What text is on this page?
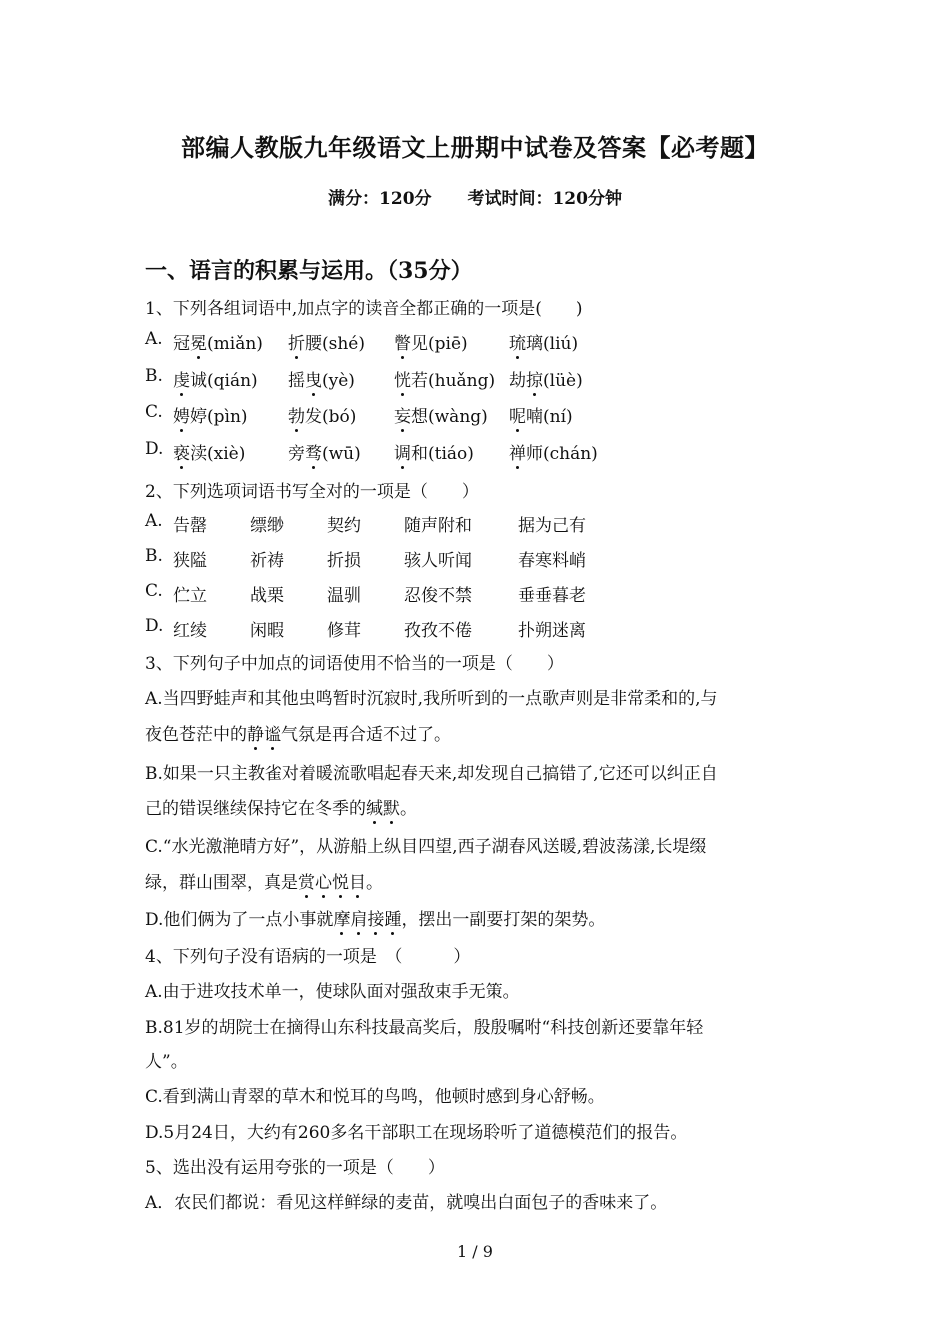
部编人教版九年级语文上册期中试卷及答案【必考题】
满分：120分 考试时间：120分钟
一、语言的积累与运用。（35分）
1、下列各组词语中,加点字的读音全都正确的一项是(　　)
A. 冠冕(miǎn) 折腰(shé) 瞥见(piē) 琉璃(liú)
B. 虔诚(qián) 摇曳(yè) 恍若(huǎng) 劫掠(lüè)
C. 娉婷(pìn) 勃发(bó) 妄想(wàng) 呢喃(ní)
D. 亵渎(xiè)	旁骛(wū) 调和(tiáo) 禅师(chán)
2、下列选项词语书写全对的一项是（　　）
A. 告罄	缥缈	契约	随声附和	据为己有
B. 狭隘	祈祷	折损	骇人听闻	春寒料峭
C. 伫立	战栗	温驯	忍俊不禁	垂垂暮老
D. 红绫	闲暇	修茸	孜孜不倦	扑朔迷离
3、下列句子中加点的词语使用不恰当的一项是（　　）
A.当四野蛙声和其他虫鸣暂时沉寂时,我所听到的一点歌声则是非常柔和的,与
夜色苍茫中的静谧气氛是再合适不过了。
B.如果一只主教雀对着暖流歌唱起春天来,却发现自己搞错了,它还可以纠正自
己的错误继续保持它在冬季的缄默。
C.“水光激滟晴方好”，从游船上纵目四望,西子湖春风送暖,碧波荡漾,长堤缀
绿，群山围翠，真是赏心悦目。
D.他们俩为了一点小事就摩肩接踵，摆出一副要打架的架势。
4、下列句子没有语病的一项是　（　　　）
A.由于进攻技术单一，使球队面对强敌束手无策。
B.81岁的胡院士在摘得山东科技最高奖后，殷殷嘱咐“科技创新还要靠年轻
人”。
C.看到满山青翠的草木和悦耳的鸟鸣，他顿时感到身心舒畅。
D.5月24日，大约有260多名干部职工在现场聆听了道德模范们的报告。
5、选出没有运用夸张的一项是（　　）
A．农民们都说：看见这样鲜绿的麦苗，就嗅出白面包子的香味来了。
1 / 9
